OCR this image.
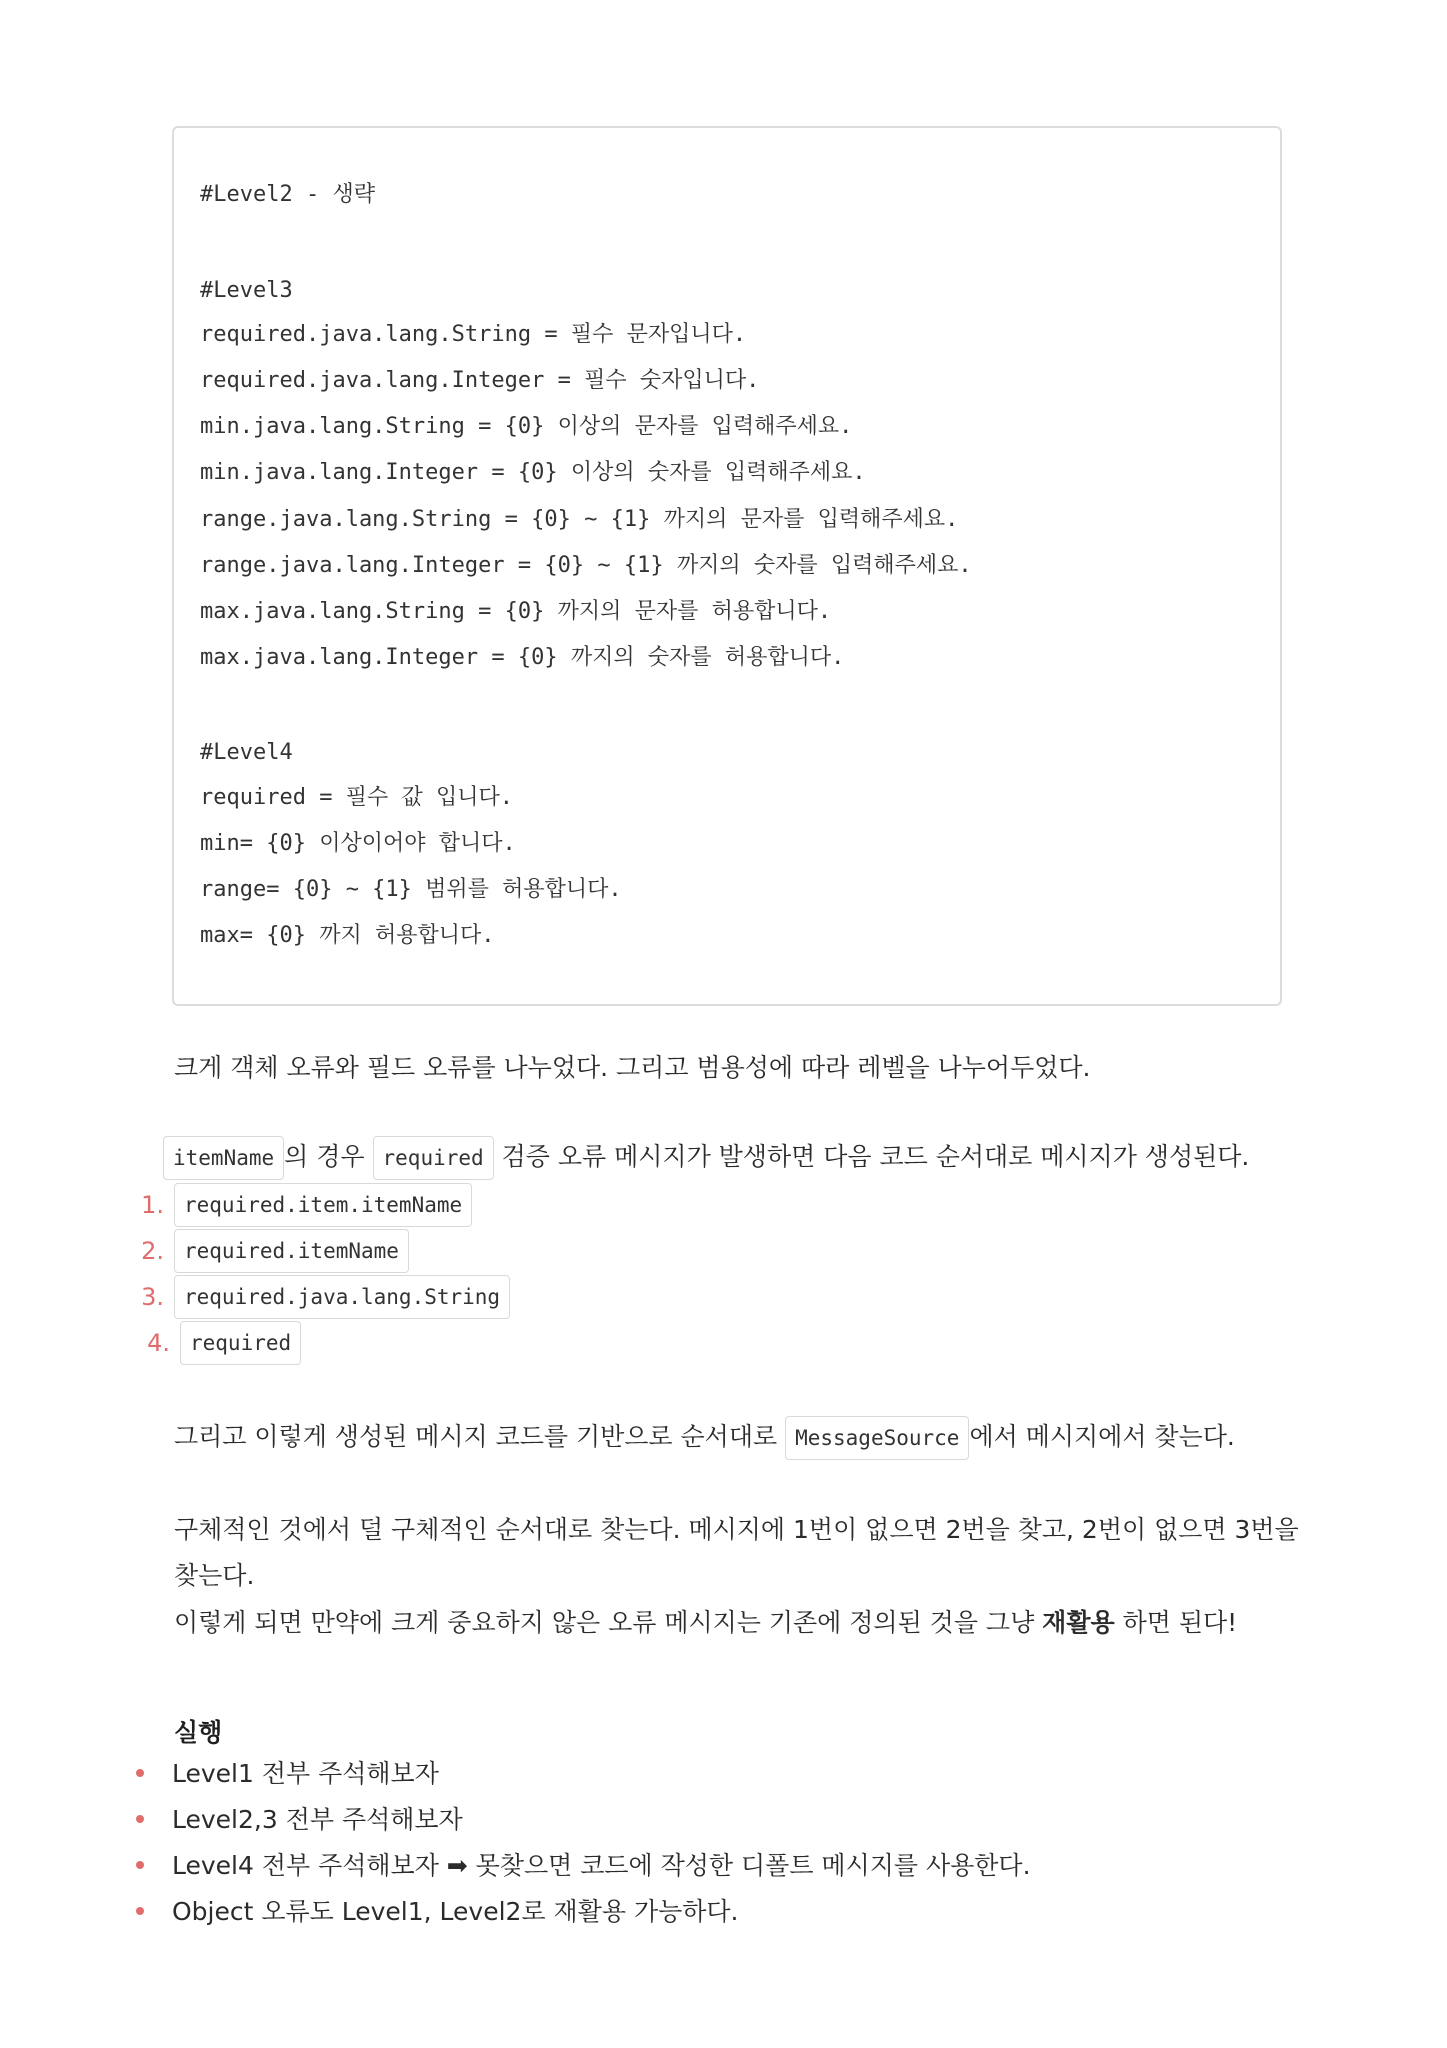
#Level2 - 생략
#Level3
required.java.lang.String = 필수 문자입니다.
required.java.lang.Integer = 필수 숫자입니다.
min.java.lang.String = {0} 이상의 문자를 입력해주세요.
min.java.lang.Integer = {0} 이상의 숫자를 입력해주세요.
range.java.lang.String = {0} ~ {1} 까지의 문자를 입력해주세요.
range.java.lang.Integer = {0} ~ {1} 까지의 숫자를 입력해주세요.
max.java.lang.String = {0} 까지의 문자를 허용합니다.
max.java.lang.Integer = {0} 까지의 숫자를 허용합니다.
#Level4
required = 필수 값 입니다.
min= {0} 이상이어야 합니다.
range= {0} ~ {1} 범위를 허용합니다.
max= {0} 까지 허용합니다.
크게 객체 오류와 필드 오류를 나누었다. 그리고 범용성에 따라 레벨을 나누어두었다.
itemName 의 경우 required 검증 오류 메시지가 발생하면 다음 코드 순서대로 메시지가 생성된다.
1. required.item.itemName
2. required.itemName
3. required.java.lang.String
4. required
그리고 이렇게 생성된 메시지 코드를 기반으로 순서대로 MessageSource 에서 메시지에서 찾는다.
구체적인 것에서 덜 구체적인 순서대로 찾는다. 메시지에 1번이 없으면 2번을 찾고, 2번이 없으면 3번을
찾는다.
이렇게 되면 만약에 크게 중요하지 않은 오류 메시지는 기존에 정의된 것을 그냥 재활용 하면 된다!
실행
Level1 전부 주석해보자
Level2,3 전부 주석해보자
Level4 전부 주석해보자 ➡ 못찾으면 코드에 작성한 디폴트 메시지를 사용한다.
Object 오류도 Level1, Level2로 재활용 가능하다.
